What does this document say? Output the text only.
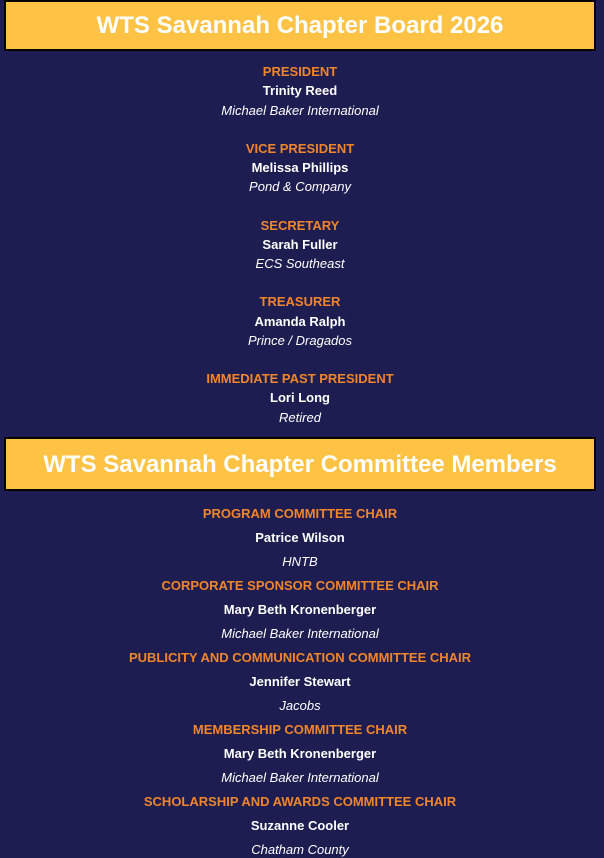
WTS Savannah Chapter Board 2026
PRESIDENT
Trinity Reed
Michael Baker International
VICE PRESIDENT
Melissa Phillips
Pond & Company
SECRETARY
Sarah Fuller
ECS Southeast
TREASURER
Amanda Ralph
Prince / Dragados
IMMEDIATE PAST PRESIDENT
Lori Long
Retired
WTS Savannah Chapter Committee Members
PROGRAM COMMITTEE CHAIR
Patrice Wilson
HNTB
CORPORATE SPONSOR COMMITTEE CHAIR
Mary Beth Kronenberger
Michael Baker International
PUBLICITY AND COMMUNICATION COMMITTEE CHAIR
Jennifer Stewart
Jacobs
MEMBERSHIP COMMITTEE CHAIR
Mary Beth Kronenberger
Michael Baker International
SCHOLARSHIP AND AWARDS COMMITTEE CHAIR
Suzanne Cooler
Chatham County
